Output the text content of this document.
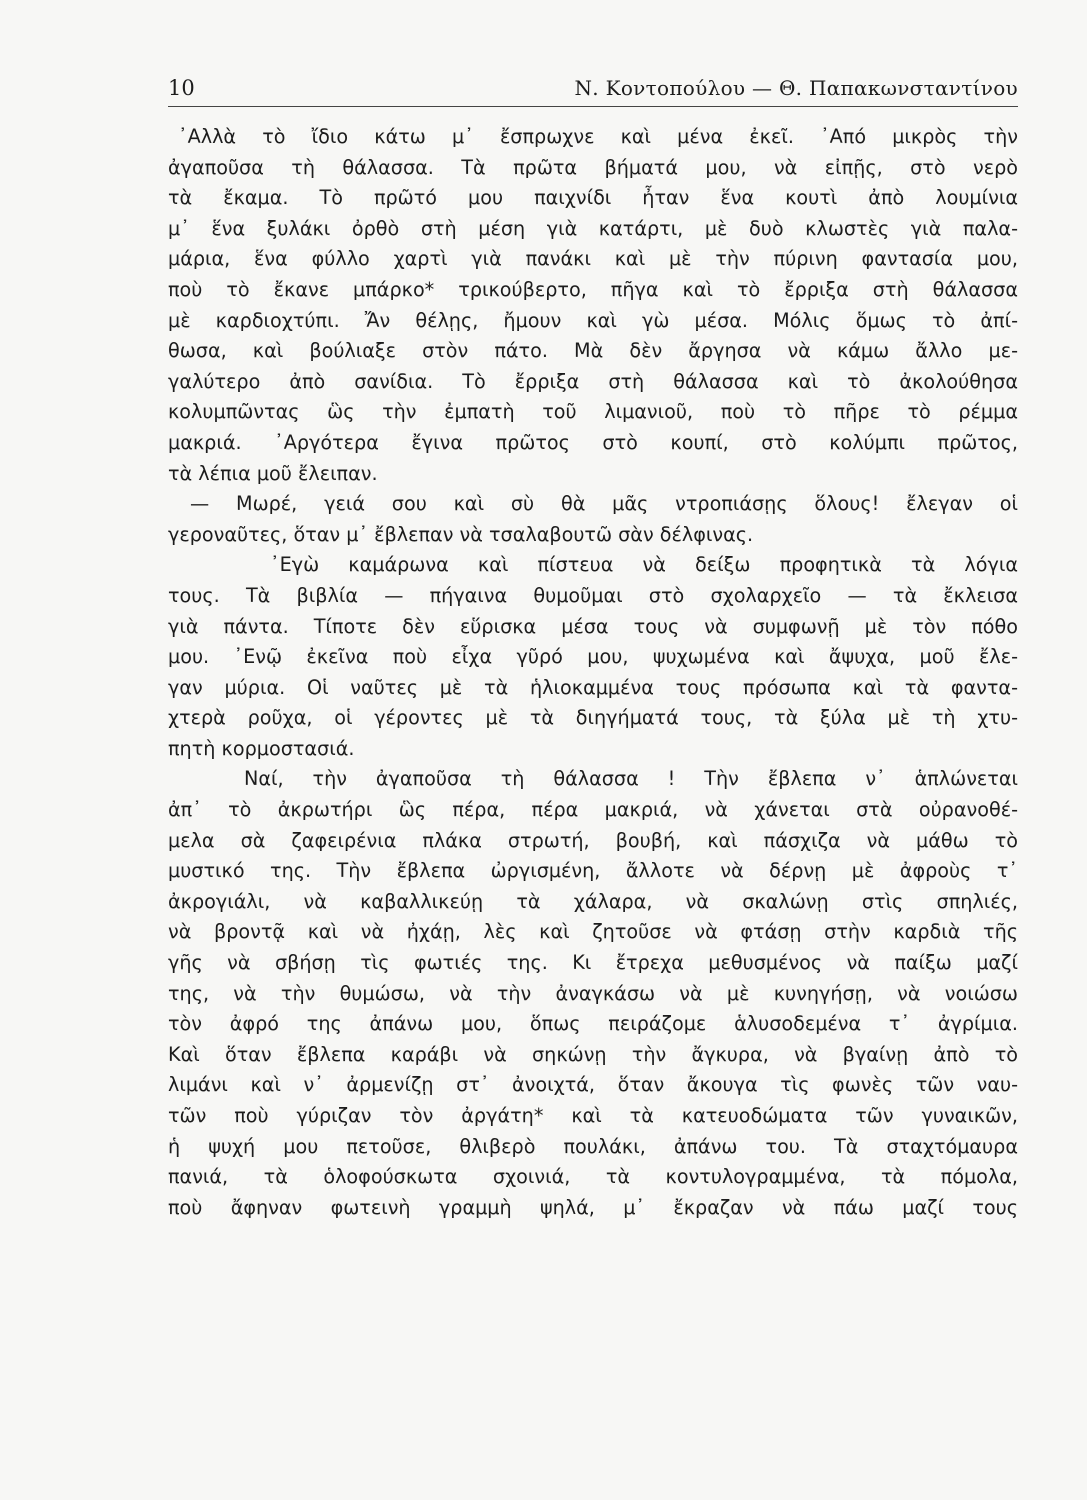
10	Ν. Κοντοπούλου — Θ. Παπακωνσταντίνου
᾿Αλλὰ τὸ ἴδιο κάτω μ᾿ ἔσπρωχνε καὶ μένα ἐκεῖ. ᾿Από μικρὸς τὴν
ἀγαποῦσα τὴ θάλασσα. Τὰ πρῶτα βήματά μου, νὰ εἰπῇς, στὸ νερὸ
τὰ ἔκαμα. Τὸ πρῶτό μου παιχνίδι ἦταν ἕνα κουτὶ ἀπὸ λουμίνια
μ᾿ ἕνα ξυλάκι ὀρθὸ στὴ μέση γιὰ κατάρτι, μὲ δυὸ κλωστὲς γιὰ παλα-
μάρια, ἕνα φύλλο χαρτὶ γιὰ πανάκι καὶ μὲ τὴν πύρινη φαντασία μου,
ποὺ τὸ ἔκανε μπάρκο* τρικούβερτο, πῆγα καὶ τὸ ἔρριξα στὴ θάλασσα
μὲ καρδιοχτύπι. Ἄν θέλῃς, ἤμουν καὶ γὼ μέσα. Μόλις ὅμως τὸ ἀπί-
θωσα, καὶ βούλιαξε στὸν πάτο. Μὰ δὲν ἄργησα νὰ κάμω ἄλλο με-
γαλύτερο ἀπὸ σανίδια. Τὸ ἔρριξα στὴ θάλασσα καὶ τὸ ἀκολούθησα
κολυμπῶντας ὣς τὴν ἐμπατὴ τοῦ λιμανιοῦ, ποὺ τὸ πῆρε τὸ ρέμμα
μακριά. ᾿Αργότερα ἔγινα πρῶτος στὸ κουπί, στὸ κολύμπι πρῶτος,
τὰ λέπια μοῦ ἔλειπαν.
— Μωρέ, γειά σου καὶ σὺ θὰ μᾶς ντροπιάσῃς ὅλους! ἔλεγαν οἱ
γεροναῦτες, ὅταν μ᾿ ἔβλεπαν νὰ τσαλαβουτῶ σὰν δέλφινας.
᾿Εγὼ καμάρωνα καὶ πίστευα νὰ δείξω προφητικὰ τὰ λόγια
τους. Τὰ βιβλία — πήγαινα θυμοῦμαι στὸ σχολαρχεῖο — τὰ ἔκλεισα
γιὰ πάντα. Τίποτε δὲν εὕρισκα μέσα τους νὰ συμφωνῇ μὲ τὸν πόθο
μου. ᾿Ενῷ ἐκεῖνα ποὺ εἶχα γῦρό μου, ψυχωμένα καὶ ἄψυχα, μοῦ ἔλε-
γαν μύρια. Οἱ ναῦτες μὲ τὰ ἡλιοκαμμένα τους πρόσωπα καὶ τὰ φαντα-
χτερὰ ροῦχα, οἱ γέροντες μὲ τὰ διηγήματά τους, τὰ ξύλα μὲ τὴ χτυ-
πητὴ κορμοστασιά.
Ναί, τὴν ἀγαποῦσα τὴ θάλασσα ! Τὴν ἔβλεπα ν᾿ ἁπλώνεται
ἀπ᾿ τὸ ἀκρωτήρι ὣς πέρα, πέρα μακριά, νὰ χάνεται στὰ οὐρανοθέ-
μελα σὰ ζαφειρένια πλάκα στρωτή, βουβή, καὶ πάσχιζα νὰ μάθω τὸ
μυστικό της. Τὴν ἔβλεπα ὠργισμένη, ἄλλοτε νὰ δέρνῃ μὲ ἀφροὺς τ᾿
ἀκρογιάλι, νὰ καβαλλικεύῃ τὰ χάλαρα, νὰ σκαλώνῃ στὶς σπηλιές,
νὰ βροντᾷ καὶ νὰ ἠχάῃ, λὲς καὶ ζητοῦσε νὰ φτάσῃ στὴν καρδιὰ τῆς
γῆς νὰ σβήσῃ τὶς φωτιές της. Κι ἔτρεχα μεθυσμένος νὰ παίξω μαζί
της, νὰ τὴν θυμώσω, νὰ τὴν ἀναγκάσω νὰ μὲ κυνηγήσῃ, νὰ νοιώσω
τὸν ἀφρό της ἀπάνω μου, ὅπως πειράζομε ἁλυσοδεμένα τ᾿ ἀγρίμια.
Καὶ ὅταν ἔβλεπα καράβι νὰ σηκώνῃ τὴν ἄγκυρα, νὰ βγαίνῃ ἀπὸ τὸ
λιμάνι καὶ ν᾿ ἀρμενίζῃ στ᾿ ἀνοιχτά, ὅταν ἄκουγα τὶς φωνὲς τῶν ναυ-
τῶν ποὺ γύριζαν τὸν ἀργάτη* καὶ τὰ κατευοδώματα τῶν γυναικῶν,
ἡ ψυχή μου πετοῦσε, θλιβερὸ πουλάκι, ἀπάνω του. Τὰ σταχτόμαυρα
πανιά, τὰ ὁλοφούσκωτα σχοινιά, τὰ κοντυλογραμμένα, τὰ πόμολα,
ποὺ ἄφηναν φωτεινὴ γραμμὴ ψηλά, μ᾿ ἔκραζαν νὰ πάω μαζί τους
